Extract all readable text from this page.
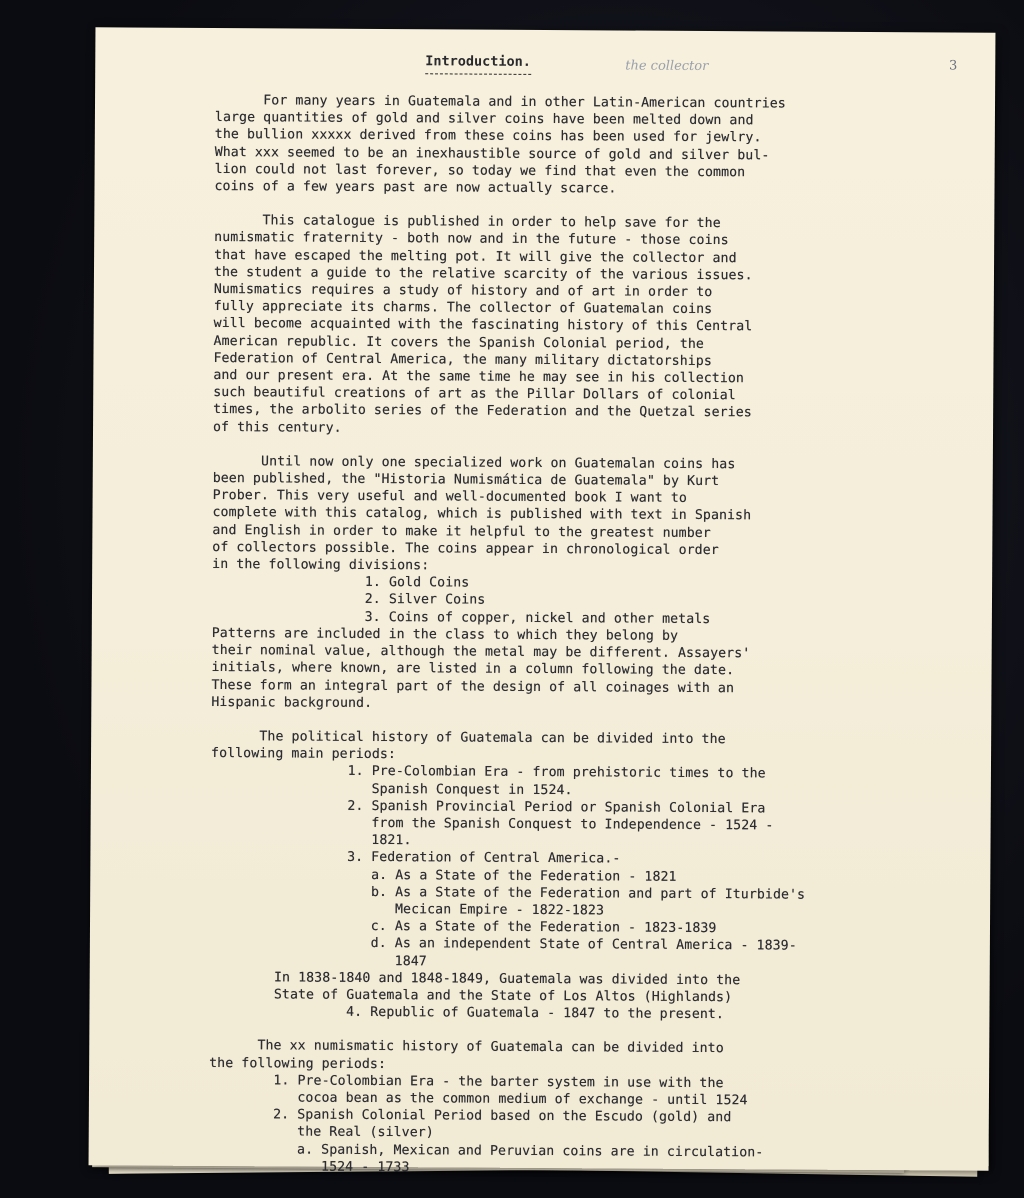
Introduction.	the collector	3
For many years in Guatemala and in other Latin-American countries
large quantities of gold and silver coins have been melted down and
the bullion xxxxx derived from these coins has been used for jewlry.
What xxx seemed to be an inexhaustible source of gold and silver bul-
lion could not last forever, so today we find that even the common
coins of a few years past are now actually scarce.
This catalogue is published in order to help save for the
numismatic fraternity - both now and in the future - those coins
that have escaped the melting pot. It will give the collector and
the student a guide to the relative scarcity of the various issues.
Numismatics requires a study of history and of art in order to
fully appreciate its charms. The collector of Guatemalan coins
will become acquainted with the fascinating history of this Central
American republic. It covers the Spanish Colonial period, the
Federation of Central America, the many military dictatorships
and our present era. At the same time he may see in his collection
such beautiful creations of art as the Pillar Dollars of colonial
times, the arbolito series of the Federation and the Quetzal series
of this century.
Until now only one specialized work on Guatemalan coins has
been published, the "Historia Numismática de Guatemala" by Kurt
Prober. This very useful and well-documented book I want to
complete with this catalog, which is published with text in Spanish
and English in order to make it helpful to the greatest number
of collectors possible. The coins appear in chronological order
in the following divisions:
1. Gold Coins
2. Silver Coins
3. Coins of copper, nickel and other metals
Patterns are included in the class to which they belong by
their nominal value, although the metal may be different. Assayers'
initials, where known, are listed in a column following the date.
These form an integral part of the design of all coinages with an
Hispanic background.
The political history of Guatemala can be divided into the
following main periods:
1. Pre-Colombian Era - from prehistoric times to the
Spanish Conquest in 1524.
2. Spanish Provincial Period or Spanish Colonial Era
from the Spanish Conquest to Independence - 1524 -
1821.
3. Federation of Central America.-
a. As a State of the Federation - 1821
b. As a State of the Federation and part of Iturbide's
Mecican Empire - 1822-1823
c. As a State of the Federation - 1823-1839
d. As an independent State of Central America - 1839-
1847
In 1838-1840 and 1848-1849, Guatemala was divided into the
State of Guatemala and the State of Los Altos (Highlands)
4. Republic of Guatemala - 1847 to the present.
The xx numismatic history of Guatemala can be divided into
the following periods:
1. Pre-Colombian Era - the barter system in use with the
cocoa bean as the common medium of exchange - until 1524
2. Spanish Colonial Period based on the Escudo (gold) and
the Real (silver)
a. Spanish, Mexican and Peruvian coins are in circulation-
1524 - 1733
